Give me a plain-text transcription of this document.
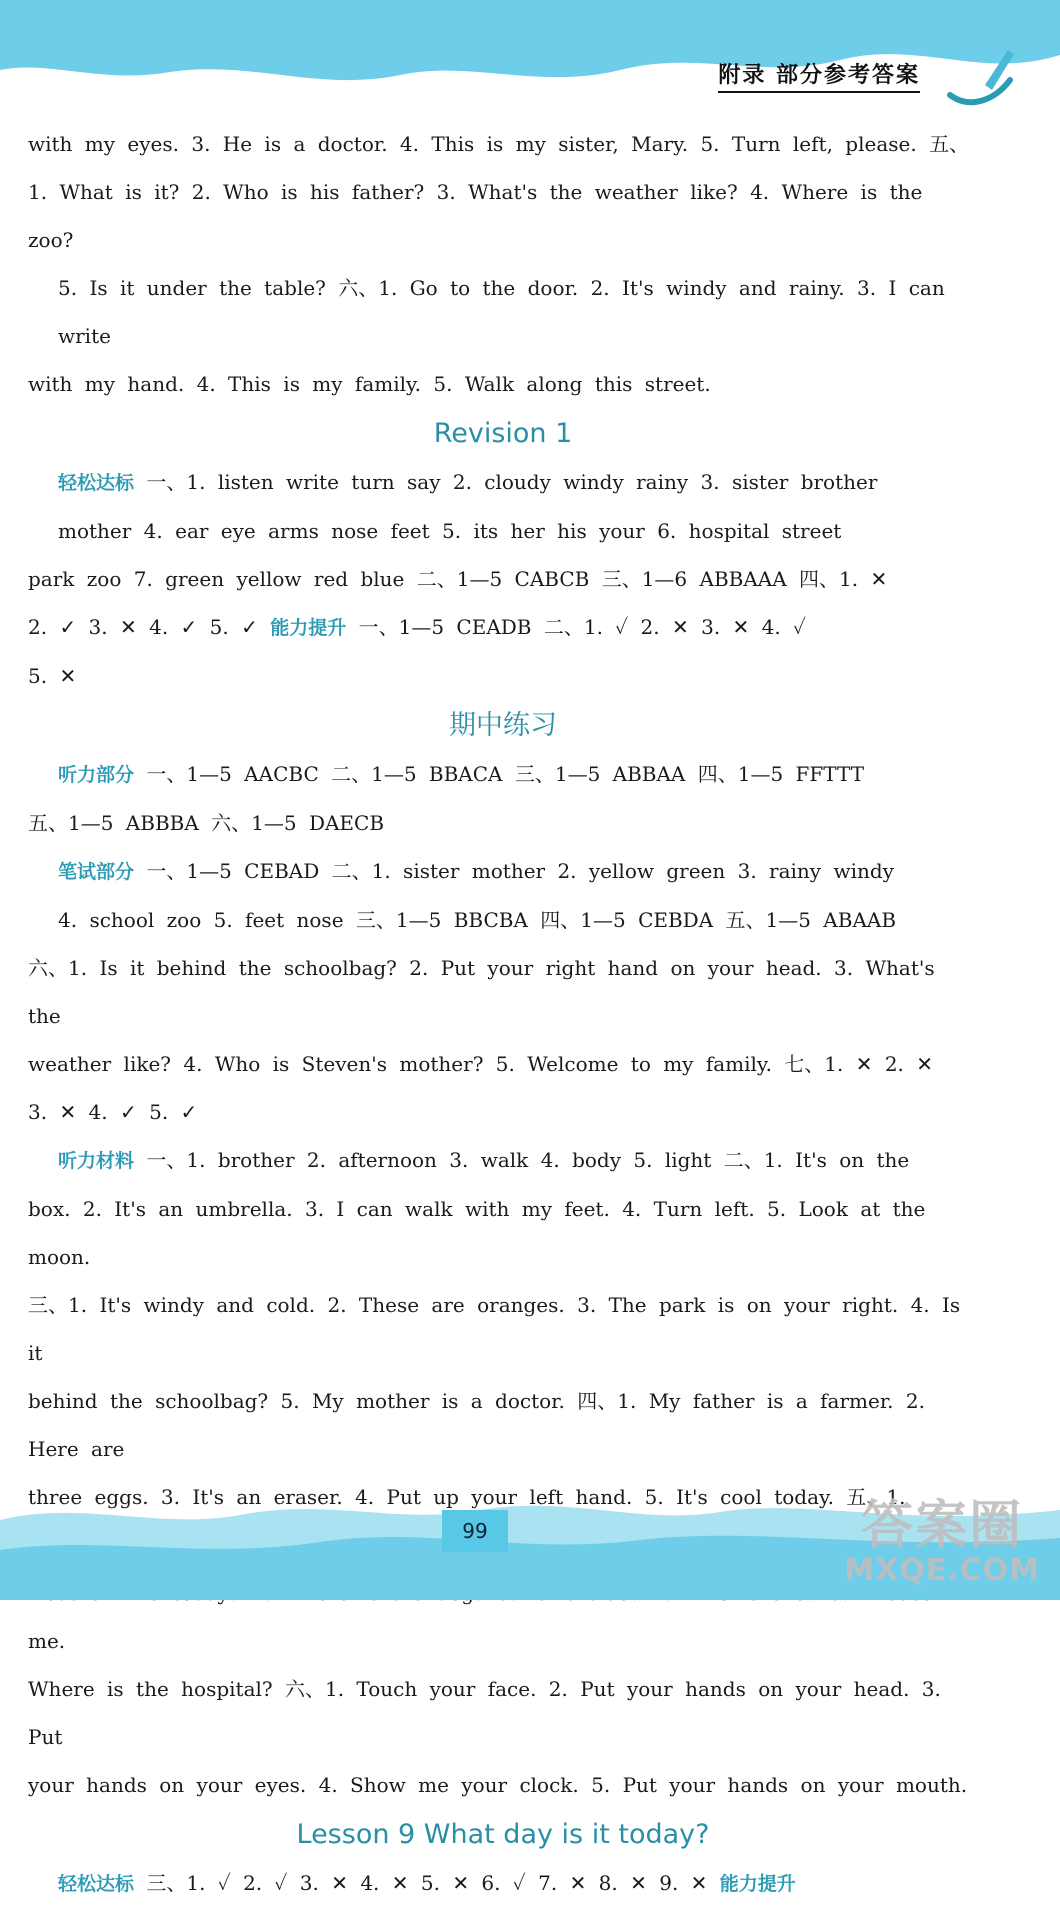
附录 部分参考答案

with my eyes. 3. He is a doctor. 4. This is my sister, Mary. 5. Turn left, please. 五、

1. What is it? 2. Who is his father? 3. What's the weather like? 4. Where is the zoo?

5. Is it under the table? 六、1. Go to the door. 2. It's windy and rainy. 3. I can write

with my hand. 4. This is my family. 5. Walk along this street.

Revision 1

轻松达标 一、1. listen write turn say 2. cloudy windy rainy 3. sister brother

mother 4. ear eye arms nose feet 5. its her his your 6. hospital street

park zoo 7. green yellow red blue 二、1—5 CABCB 三、1—6 ABBAAA 四、1. ✕

2. ✓ 3. ✕ 4. ✓ 5. ✓ 能力提升 一、1—5 CEADB 二、1. ✓ 2. ✕ 3. ✕ 4. ✓

5. ✕

期中练习

听力部分 一、1—5 AACBC 二、1—5 BBACA 三、1—5 ABBAA 四、1—5 FFTTT

五、1—5 ABBBA 六、1—5 DAECB

笔试部分 一、1—5 CEBAD 二、1. sister mother 2. yellow green 3. rainy windy

4. school zoo 5. feet nose 三、1—5 BBCBA 四、1—5 CEBDA 五、1—5 ABAAB

六、1. Is it behind the schoolbag? 2. Put your right hand on your head. 3. What's the

weather like? 4. Who is Steven's mother? 5. Welcome to my family. 七、1. ✕ 2. ✕

3. ✕ 4. ✓ 5. ✓

听力材料 一、1. brother 2. afternoon 3. walk 4. body 5. light 二、1. It's on the

box. 2. It's an umbrella. 3. I can walk with my feet. 4. Turn left. 5. Look at the moon.

三、1. It's windy and cold. 2. These are oranges. 3. The park is on your right. 4. Is it

behind the schoolbag? 5. My mother is a doctor. 四、1. My father is a farmer. 2. Here are

three eggs. 3. It's an eraser. 4. Put up your left hand. 5. It's cool today. 五、1.

me.

Where is the hospital? 六、1. Touch your face. 2. Put your hands on your head. 3. Put

your hands on your eyes. 4. Show me your clock. 5. Put your hands on your mouth.

Lesson 9 What day is it today?

轻松达标 三、1. ✓ 2. ✓ 3. ✕ 4. ✕ 5. ✕ 6. ✓ 7. ✕ 8. ✕ 9. ✕ 能力提升

99	答案圈
MXQE.COM
